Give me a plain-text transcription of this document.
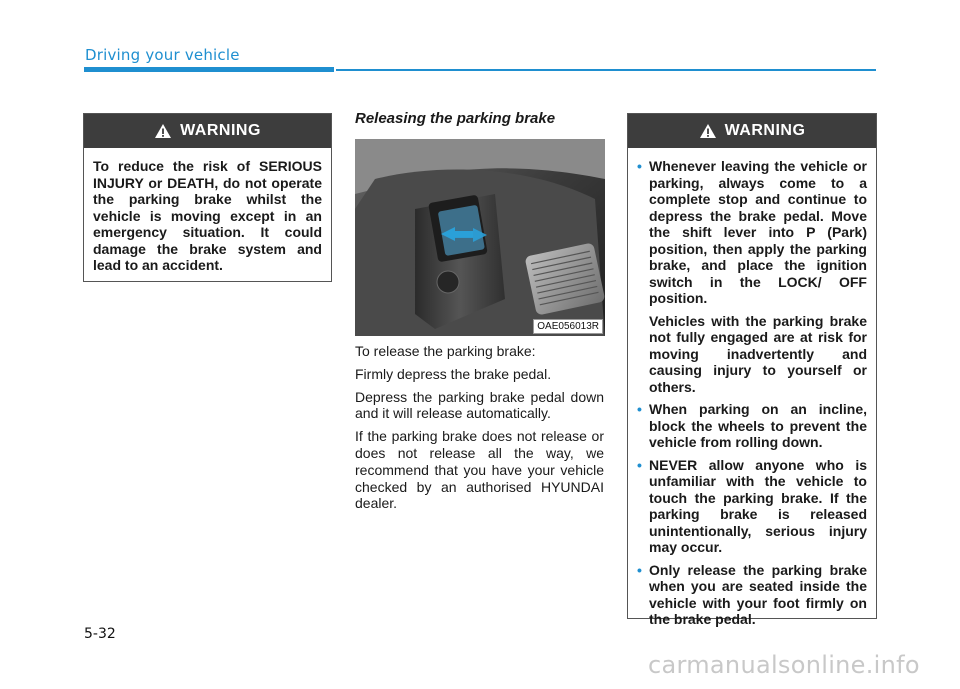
Driving your vehicle
WARNING
To reduce the risk of SERIOUS INJURY or DEATH, do not operate the parking brake whilst the vehicle is moving except in an emergency situation. It could damage the brake system and lead to an accident.
Releasing the parking brake
OAE056013R

To release the parking brake:

Firmly depress the brake pedal.

Depress the parking brake pedal down and it will release automatically.

If the parking brake does not release or does not release all the way, we recommend that you have your vehicle checked by an authorised HYUNDAI dealer.

WARNING
• Whenever leaving the vehicle or parking, always come to a complete stop and continue to depress the brake pedal. Move the shift lever into P (Park) position, then apply the parking brake, and place the ignition switch in the LOCK/ OFF position.

Vehicles with the parking brake not fully engaged are at risk for moving inadvertently and causing injury to yourself or others.

• When parking on an incline, block the wheels to prevent the vehicle from rolling down.

• NEVER allow anyone who is unfamiliar with the vehicle to touch the parking brake. If the parking brake is released unintentionally, serious injury may occur.

• Only release the parking brake when you are seated inside the vehicle with your foot firmly on the brake pedal.

5-32
carmanualsonline.info
